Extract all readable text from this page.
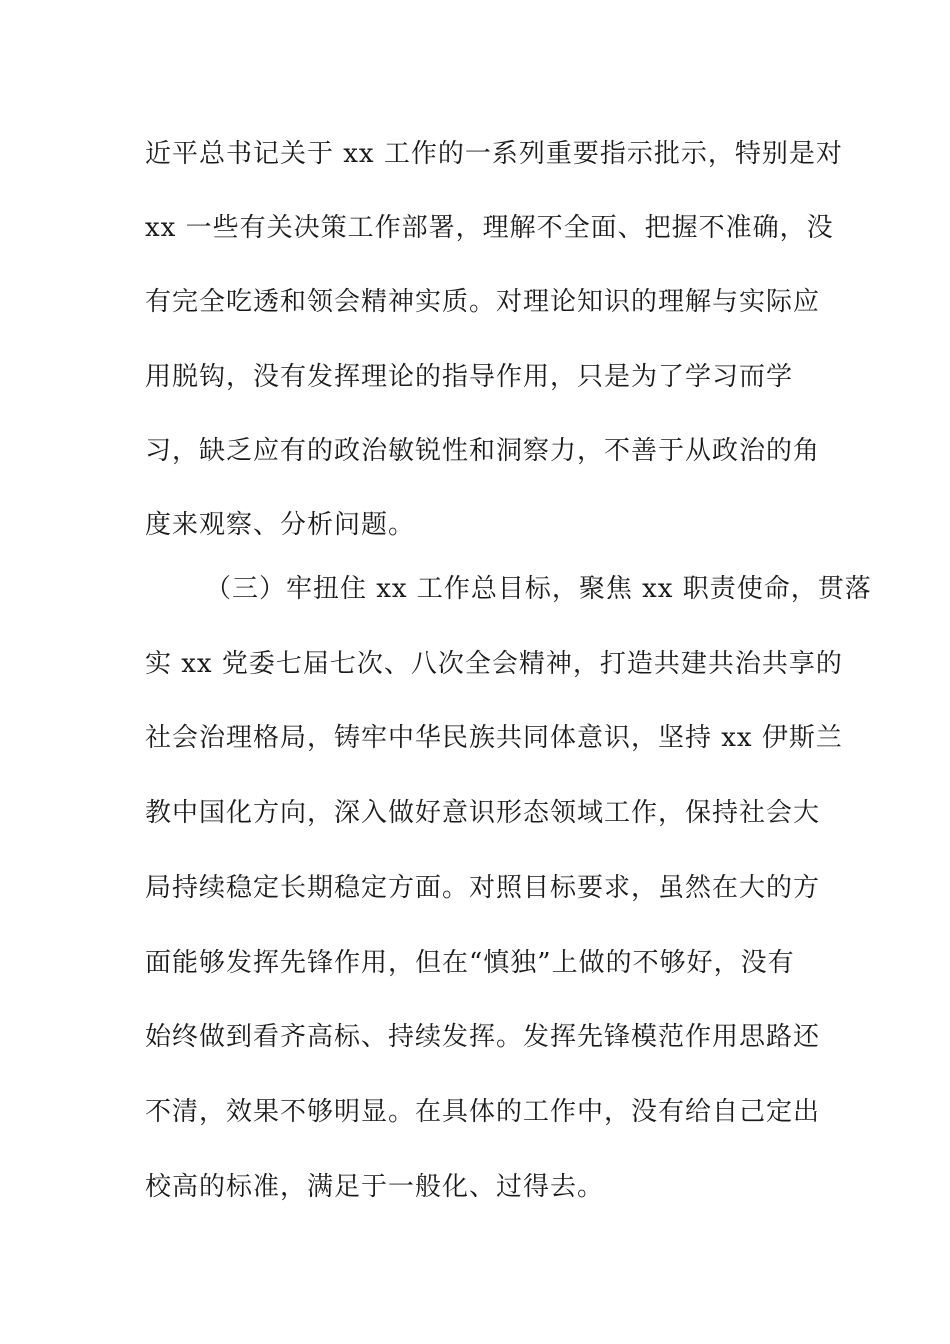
近平总书记关于 xx 工作的一系列重要指示批示，特别是对
xx 一些有关决策工作部署，理解不全面、把握不准确，没
有完全吃透和领会精神实质。对理论知识的理解与实际应
用脱钩，没有发挥理论的指导作用，只是为了学习而学
习，缺乏应有的政治敏锐性和洞察力，不善于从政治的角
度来观察、分析问题。
（三）牢扭住 xx 工作总目标，聚焦 xx 职责使命，贯落
实 xx 党委七届七次、八次全会精神，打造共建共治共享的
社会治理格局，铸牢中华民族共同体意识，坚持 xx 伊斯兰
教中国化方向，深入做好意识形态领域工作，保持社会大
局持续稳定长期稳定方面。对照目标要求，虽然在大的方
面能够发挥先锋作用，但在“慎独”上做的不够好，没有
始终做到看齐高标、持续发挥。发挥先锋模范作用思路还
不清，效果不够明显。在具体的工作中，没有给自己定出
校高的标准，满足于一般化、过得去。
